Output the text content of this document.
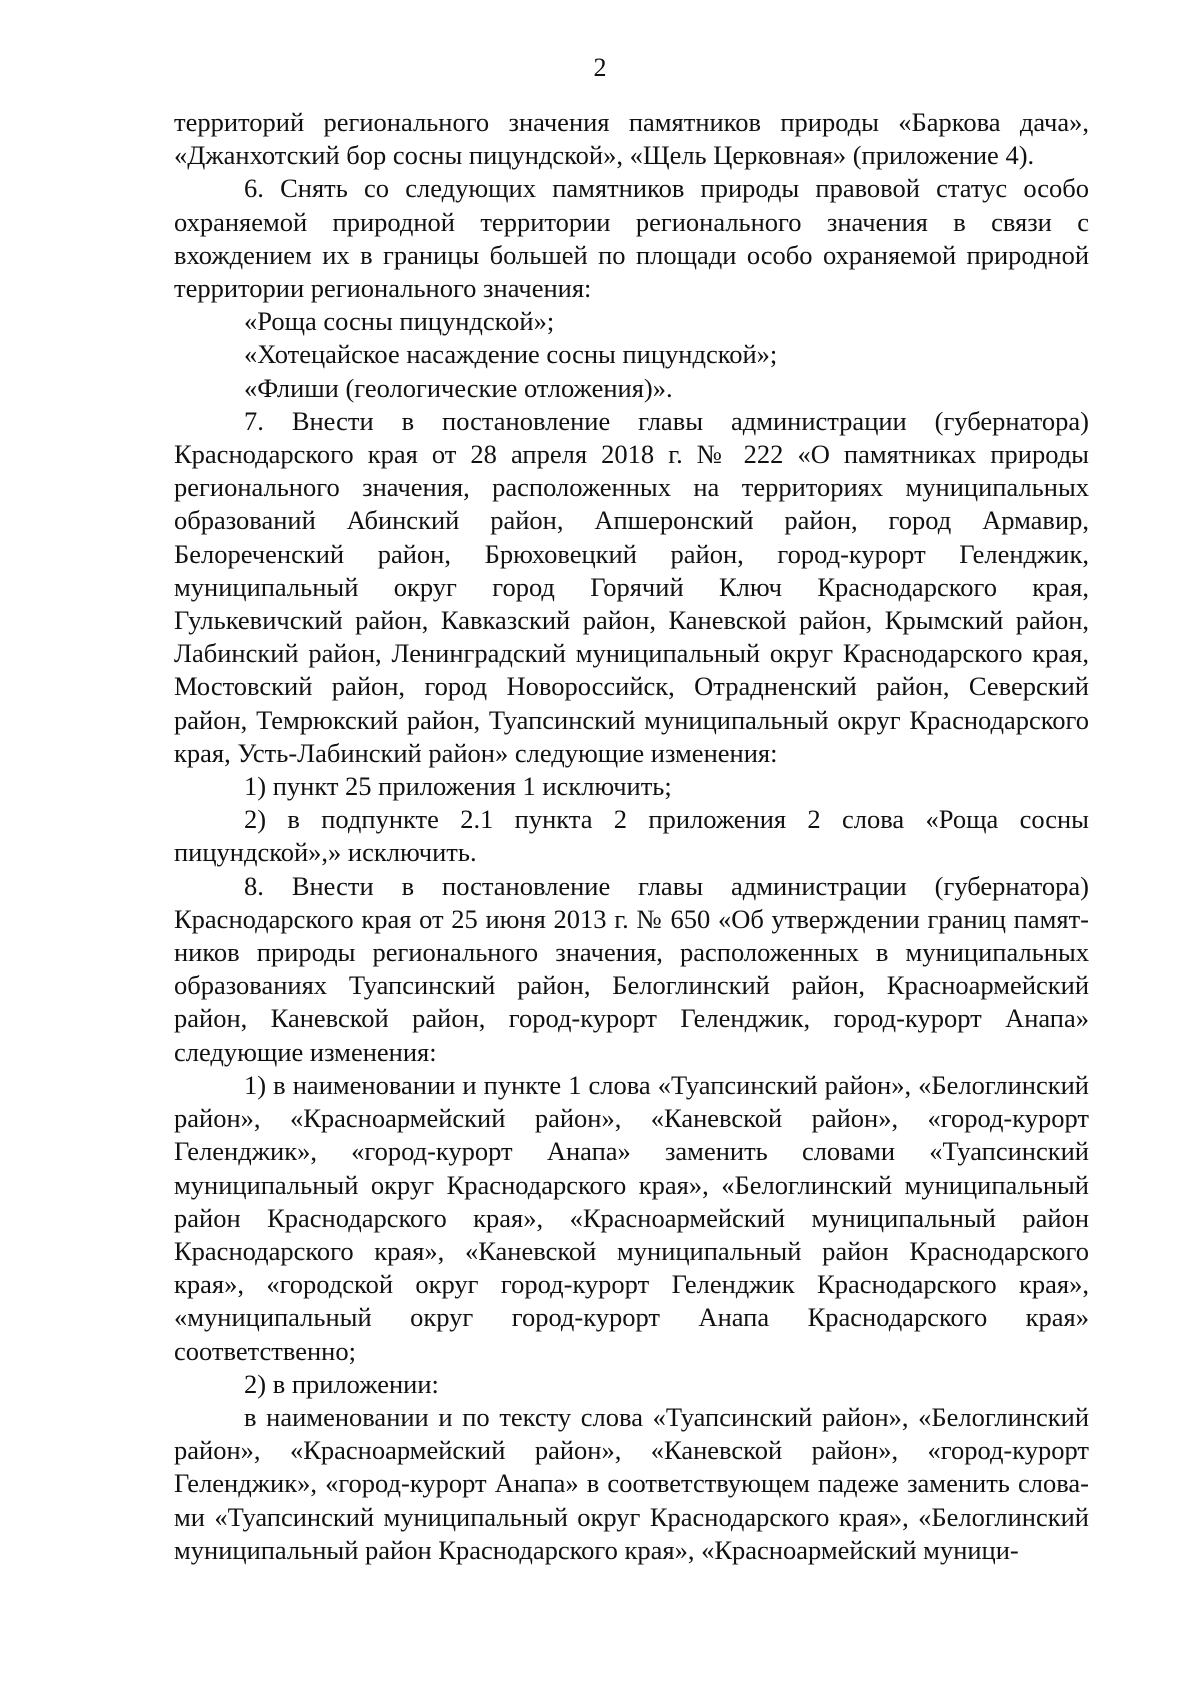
2

территорий регионального значения памятников природы «Баркова дача», «Джанхотский бор сосны пицундской», «Щель Церковная» (приложение 4).

6. Снять со следующих памятников природы правовой статус особо охраняемой природной территории регионального значения в связи с вхождением их в границы большей по площади особо охраняемой природной территории регионального значения:

«Роща сосны пицундской»;

«Хотецайское насаждение сосны пицундской»;

«Флиши (геологические отложения)».

7. Внести в постановление главы администрации (губернатора) Краснодарского края от 28 апреля 2018 г. № 222 «О памятниках природы регионального значения, расположенных на территориях муниципальных образований Абинский район, Апшеронский район, город Армавир, Белореченский район, Брюховецкий район, город-курорт Геленджик, муниципальный округ город Горячий Ключ Краснодарского края, Гулькевичский район, Кавказский район, Каневской район, Крымский район, Лабинский район, Ленинградский муниципальный округ Краснодарского края, Мостовский район, город Новороссийск, Отрадненский район, Северский район, Темрюкский район, Туапсинский муниципальный округ Краснодарского края, Усть-Лабинский район» следующие изменения:

1) пункт 25 приложения 1 исключить;

2) в подпункте 2.1 пункта 2 приложения 2 слова «Роща сосны пицундской»,» исключить.

8. Внести в постановление главы администрации (губернатора) Краснодарского края от 25 июня 2013 г. № 650 «Об утверждении границ памятников природы регионального значения, расположенных в муниципальных образованиях Туапсинский район, Белоглинский район, Красноармейский район, Каневской район, город-курорт Геленджик, город-курорт Анапа» следующие изменения:

1) в наименовании и пункте 1 слова «Туапсинский район», «Белоглинский район», «Красноармейский район», «Каневской район», «город-курорт Геленджик», «город-курорт Анапа» заменить словами «Туапсинский муниципальный округ Краснодарского края», «Белоглинский муниципальный район Краснодарского края», «Красноармейский муниципальный район Краснодарского края», «Каневской муниципальный район Краснодарского края», «городской округ город-курорт Геленджик Краснодарского края», «муниципальный округ город-курорт Анапа Краснодарского края» соответственно;

2) в приложении:

в наименовании и по тексту слова «Туапсинский район», «Белоглинский район», «Красноармейский район», «Каневской район», «город-курорт Геленджик», «город-курорт Анапа» в соответствующем падеже заменить словами «Туапсинский муниципальный округ Краснодарского края», «Белоглинский муниципальный район Краснодарского края», «Красноармейский муници-
